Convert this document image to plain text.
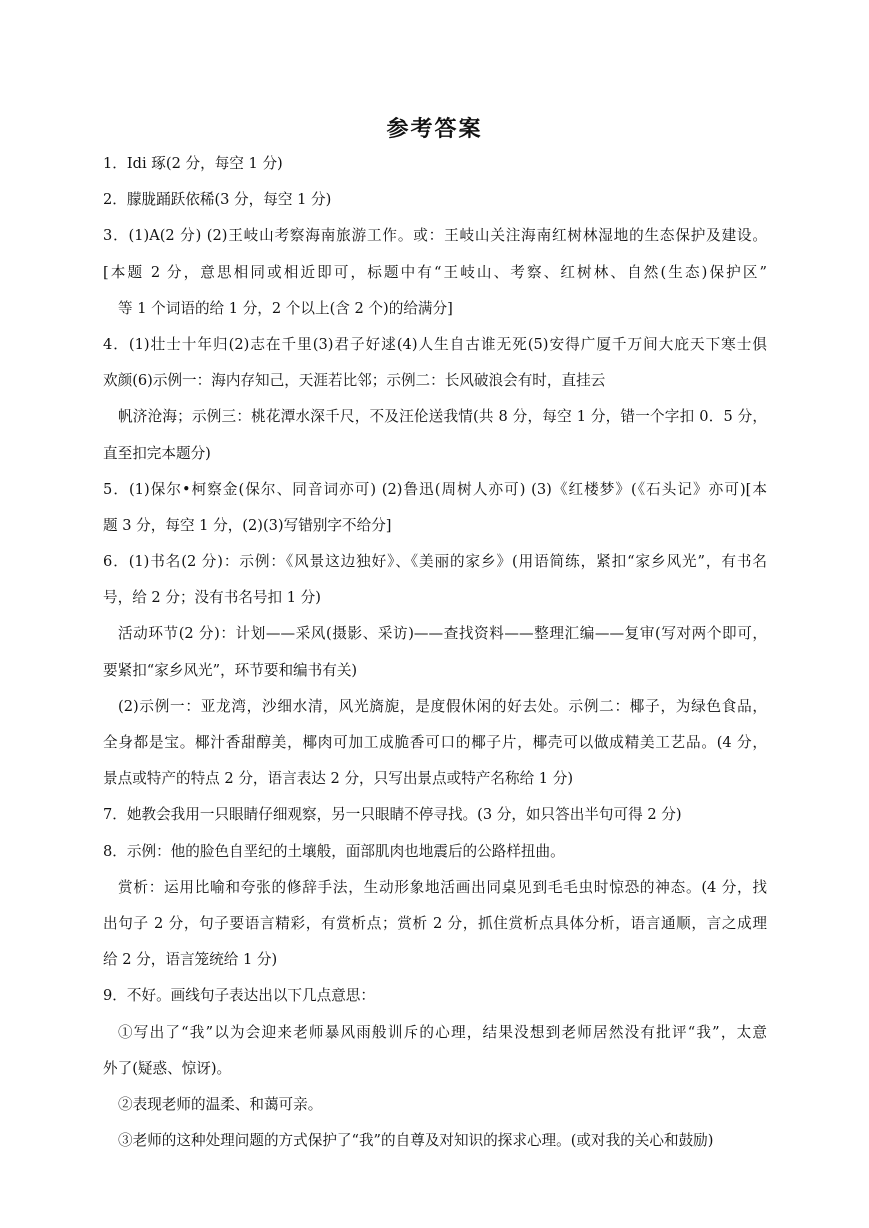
参考答案
1．Idi 琢(2 分，每空 1 分)
2．朦胧踊跃依稀(3 分，每空 1 分)
3．(1)A(2 分) (2)王岐山考察海南旅游工作。或：王岐山关注海南红树林湿地的生态保护及建设。
[本题 2 分，意思相同或相近即可，标题中有“王岐山、考察、红树林、自然(生态)保护区”
等 1 个词语的给 1 分，2 个以上(含 2 个)的给满分]
4．(1)壮士十年归(2)志在千里(3)君子好逑(4)人生自古谁无死(5)安得广厦千万间大庇天下寒士俱
欢颜(6)示例一：海内存知己，天涯若比邻；示例二：长风破浪会有时，直挂云
帆济沧海；示例三：桃花潭水深千尺，不及汪伦送我情(共 8 分，每空 1 分，错一个字扣 0．5 分，
直至扣完本题分)
5．(1)保尔•柯察金(保尔、同音词亦可) (2)鲁迅(周树人亦可) (3)《红楼梦》(《石头记》亦可)[本
题 3 分，每空 1 分，(2)(3)写错别字不给分]
6．(1)书名(2 分)：示例：《风景这边独好》、《美丽的家乡》(用语简练，紧扣“家乡风光”，有书名
号，给 2 分；没有书名号扣 1 分)
活动环节(2 分)：计划——采风(摄影、采访)——查找资料——整理汇编——复审(写对两个即可，
要紧扣“家乡风光”，环节要和编书有关)
(2)示例一：亚龙湾，沙细水清，风光旖旎，是度假休闲的好去处。示例二：椰子，为绿色食品，
全身都是宝。椰汁香甜醇美，椰肉可加工成脆香可口的椰子片，椰壳可以做成精美工艺品。(4 分，
景点或特产的特点 2 分，语言表达 2 分，只写出景点或特产名称给 1 分)
7．她教会我用一只眼睛仔细观察，另一只眼睛不停寻找。(3 分，如只答出半句可得 2 分)
8．示例：他的脸色自垩纪的土壤般，面部肌肉也地震后的公路样扭曲。
赏析：运用比喻和夸张的修辞手法，生动形象地活画出同桌见到毛毛虫时惊恐的神态。(4 分，找
出句子 2 分，句子要语言精彩，有赏析点；赏析 2 分，抓住赏析点具体分析，语言通顺，言之成理
给 2 分，语言笼统给 1 分)
9．不好。画线句子表达出以下几点意思：
①写出了“我”以为会迎来老师暴风雨般训斥的心理，结果没想到老师居然没有批评“我”，太意
外了(疑惑、惊讶)。
②表现老师的温柔、和蔼可亲。
③老师的这种处理问题的方式保护了“我”的自尊及对知识的探求心理。(或对我的关心和鼓励)
